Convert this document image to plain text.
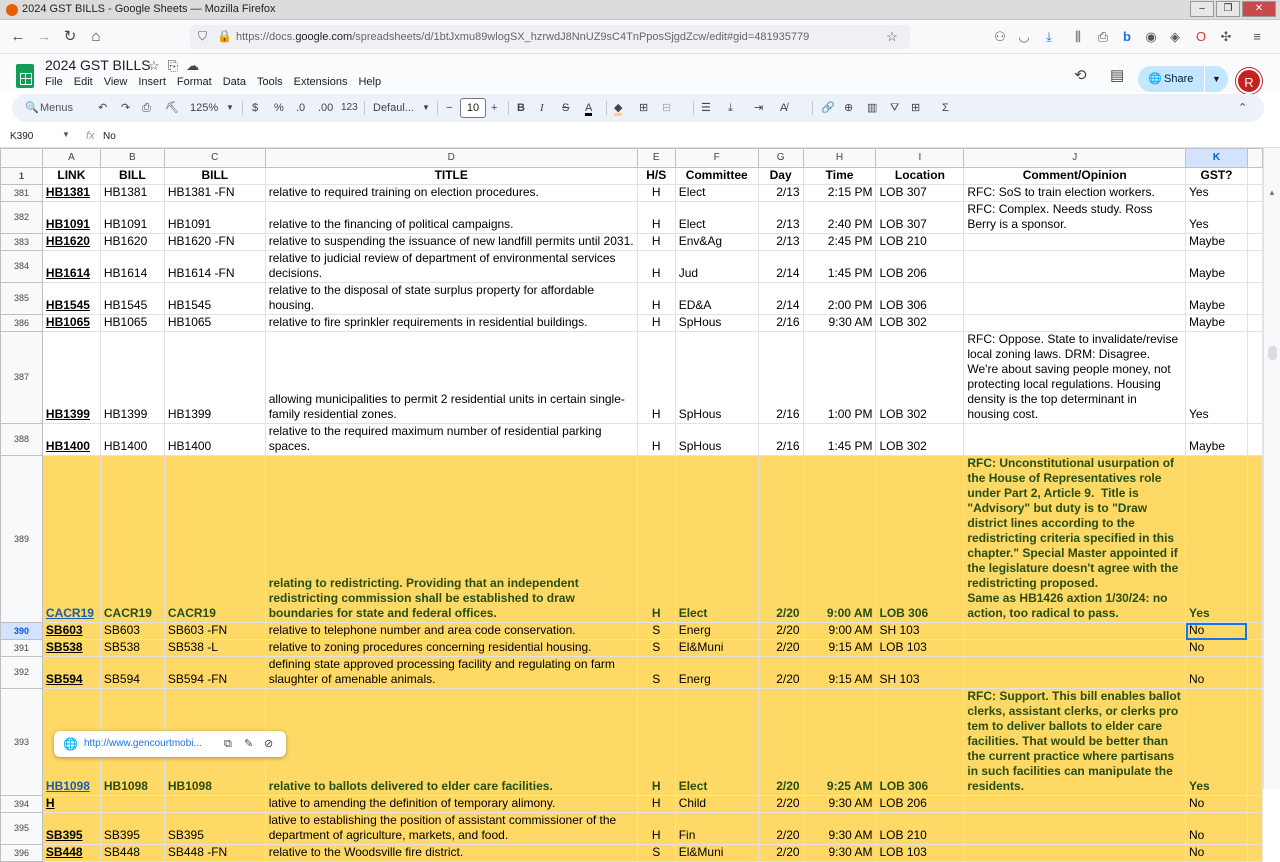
2024 GST BILLS - Google Sheets — Mozilla Firefox	–	❐	✕
← → ↻	⌂	https://docs.google.com/spreadsheets/d/1btJxmu89wlogSX_hzrwdJ8NnUZ9sC4TnPposSjgdZcw/edit#gid=481935779
⛉ 🔒	☆	⚇ ◡	⤓	⫼	⎙	b	◉	◈	O	✣	≡
2024 GST BILLS
☆ ⎘ ☁
File Edit View Insert Format Data Tools Extensions Help	⟲ ▤ 🌐 Share	▼	R
🔍 Menus	↶ ↷ ⎙ ⛏ 125% ▼ $ % .0 .00 123 Defaul... ▼ −	10	+ B I S A ◆ ⊞ ⊟	☰ ⤓ ⇥ A̸	🔗 ⊕ ▥ ⛛ ⊞ Σ	⌃
K390	▼ fx No
	A	B	C	D	E	F	G	H	I	J	K	
1	LINK	BILL	BILL	TITLE	H/S	Committee	Day	Time	Location	Comment/Opinion	GST?	
381	HB1381	HB1381	HB1381 -FN	relative to required training on election procedures.	H	Elect	2/13	2:15 PM	LOB 307	RFC: SoS to train election workers.	Yes	
382	HB1091	HB1091	HB1091	relative to the financing of political campaigns.	H	Elect	2/13	2:40 PM	LOB 307	RFC: Complex. Needs study. Ross Berry is a sponsor.	Yes	
383	HB1620	HB1620	HB1620 -FN	relative to suspending the issuance of new landfill permits until 2031.	H	Env&Ag	2/13	2:45 PM	LOB 210		Maybe	
384	HB1614	HB1614	HB1614 -FN	relative to judicial review of department of environmental services decisions.	H	Jud	2/14	1:45 PM	LOB 206		Maybe	
385	HB1545	HB1545	HB1545	relative to the disposal of state surplus property for affordable housing.	H	ED&A	2/14	2:00 PM	LOB 306		Maybe	
386	HB1065	HB1065	HB1065	relative to fire sprinkler requirements in residential buildings.	H	SpHous	2/16	9:30 AM	LOB 302		Maybe	
387	HB1399	HB1399	HB1399	allowing municipalities to permit 2 residential units in certain single-family residential zones.	H	SpHous	2/16	1:00 PM	LOB 302	RFC: Oppose. State to invalidate/revise local zoning laws. DRM: Disagree. We're about saving people money, not protecting local regulations. Housing density is the top determinant in housing cost.	Yes	
388	HB1400	HB1400	HB1400	relative to the required maximum number of residential parking spaces.	H	SpHous	2/16	1:45 PM	LOB 302		Maybe	
389	CACR19	CACR19	CACR19	relating to redistricting. Providing that an independent redistricting commission shall be established to draw boundaries for state and federal offices.	H	Elect	2/20	9:00 AM	LOB 306	RFC: Unconstitutional usurpation of the House of Representatives role under Part 2, Article 9.  Title is "Advisory" but duty is to "Draw district lines according to the redistricting criteria specified in this chapter." Special Master appointed if the legislature doesn't agree with the redistricting proposed.
Same as HB1426 axtion 1/30/24: no action, too radical to pass.	Yes	
390	SB603	SB603	SB603 -FN	relative to telephone number and area code conservation.	S	Energ	2/20	9:00 AM	SH 103		No	
391	SB538	SB538	SB538 -L	relative to zoning procedures concerning residential housing.	S	El&Muni	2/20	9:15 AM	LOB 103		No	
392	SB594	SB594	SB594 -FN	defining state approved processing facility and regulating on farm slaughter of amenable animals.	S	Energ	2/20	9:15 AM	SH 103		No	
393	HB1098	HB1098	HB1098	relative to ballots delivered to elder care facilities.	H	Elect	2/20	9:25 AM	LOB 306	RFC: Support. This bill enables ballot clerks, assistant clerks, or clerks pro tem to deliver ballots to elder care facilities. That would be better than the current practice where partisans in such facilities can manipulate the residents.	Yes	
394	H			lative to amending the definition of temporary alimony.	H	Child	2/20	9:30 AM	LOB 206		No	
395	SB395	SB395	SB395	lative to establishing the position of assistant commissioner of the department of agriculture, markets, and food.	H	Fin	2/20	9:30 AM	LOB 210		No	
396	SB448	SB448	SB448 -FN	relative to the Woodsville fire district.	S	El&Muni	2/20	9:30 AM	LOB 103		No	
▲
🌐 http://www.gencourtmobi... ⧉ ✎ ⊘
